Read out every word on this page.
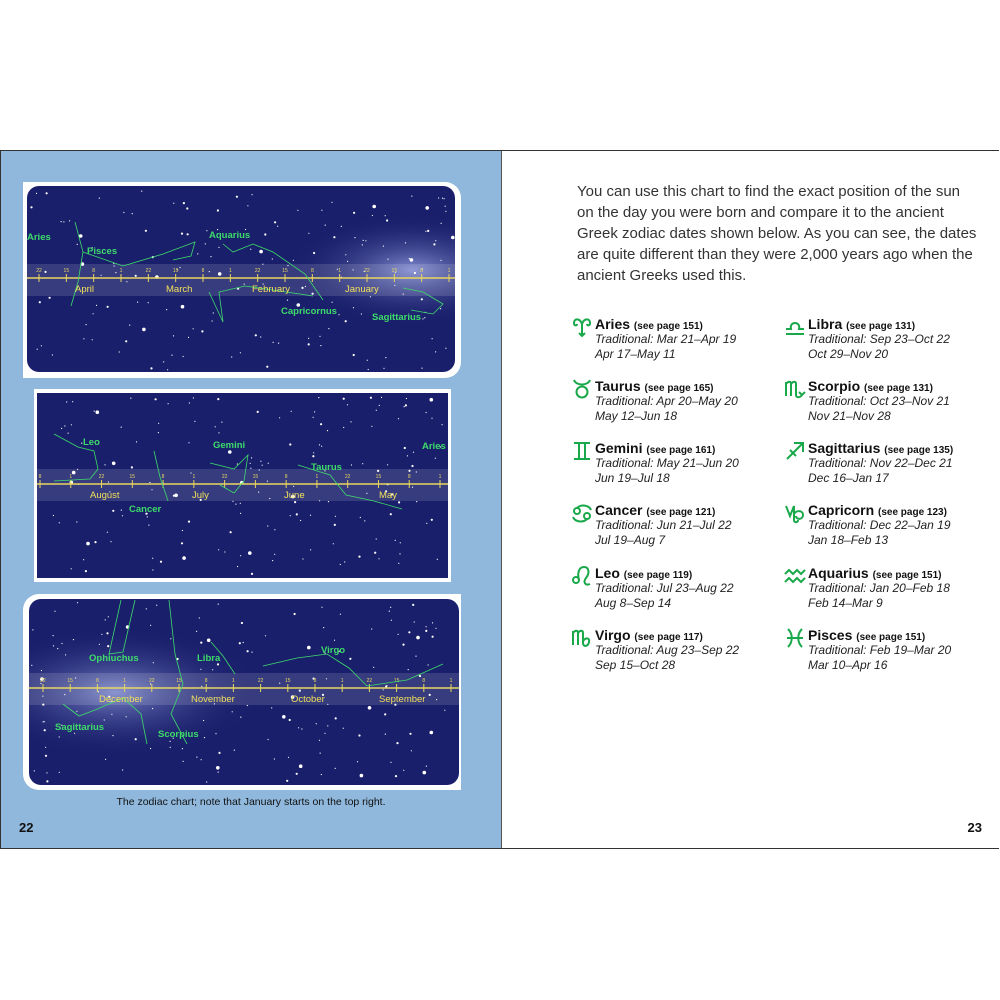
22	15	8	1	22	15	8	1	22	15	8	1	22	15	8	1
Aries
Pisces
Aquarius
Capricornus
Sagittarius
April	March	February	January
8	1	22	15	8	1	22	15	8	1	22	15	8	1
Leo	Gemini
Taurus
Aries
Cancer
August	July	June	May
22	15	8	1	22	15	8	1	22	15	8	1	22	15	8	1
Ophiuchus	Libra
Virgo
Sagittarius
Scorpius
December	November	October	September
The zodiac chart; note that January starts on the top right.
22

You can use this chart to find the exact position of the sun on the day you were born and compare it to the ancient Greek zodiac dates shown below. As you can see, the dates are quite different than they were 2,000 years ago when the ancient Greeks used this.

Aries (see page 151)
Traditional: Mar 21–Apr 19
Apr 17–May 11
Taurus (see page 165)
Traditional: Apr 20–May 20
May 12–Jun 18
Gemini (see page 161)
Traditional: May 21–Jun 20
Jun 19–Jul 18
Cancer (see page 121)
Traditional: Jun 21–Jul 22
Jul 19–Aug 7
Leo (see page 119)
Traditional: Jul 23–Aug 22
Aug 8–Sep 14
Virgo (see page 117)
Traditional: Aug 23–Sep 22
Sep 15–Oct 28
Libra (see page 131)
Traditional: Sep 23–Oct 22
Oct 29–Nov 20
Scorpio (see page 131)
Traditional: Oct 23–Nov 21
Nov 21–Nov 28
Sagittarius (see page 135)
Traditional: Nov 22–Dec 21
Dec 16–Jan 17
Capricorn (see page 123)
Traditional: Dec 22–Jan 19
Jan 18–Feb 13
Aquarius (see page 151)
Traditional: Jan 20–Feb 18
Feb 14–Mar 9
Pisces (see page 151)
Traditional: Feb 19–Mar 20
Mar 10–Apr 16
23
